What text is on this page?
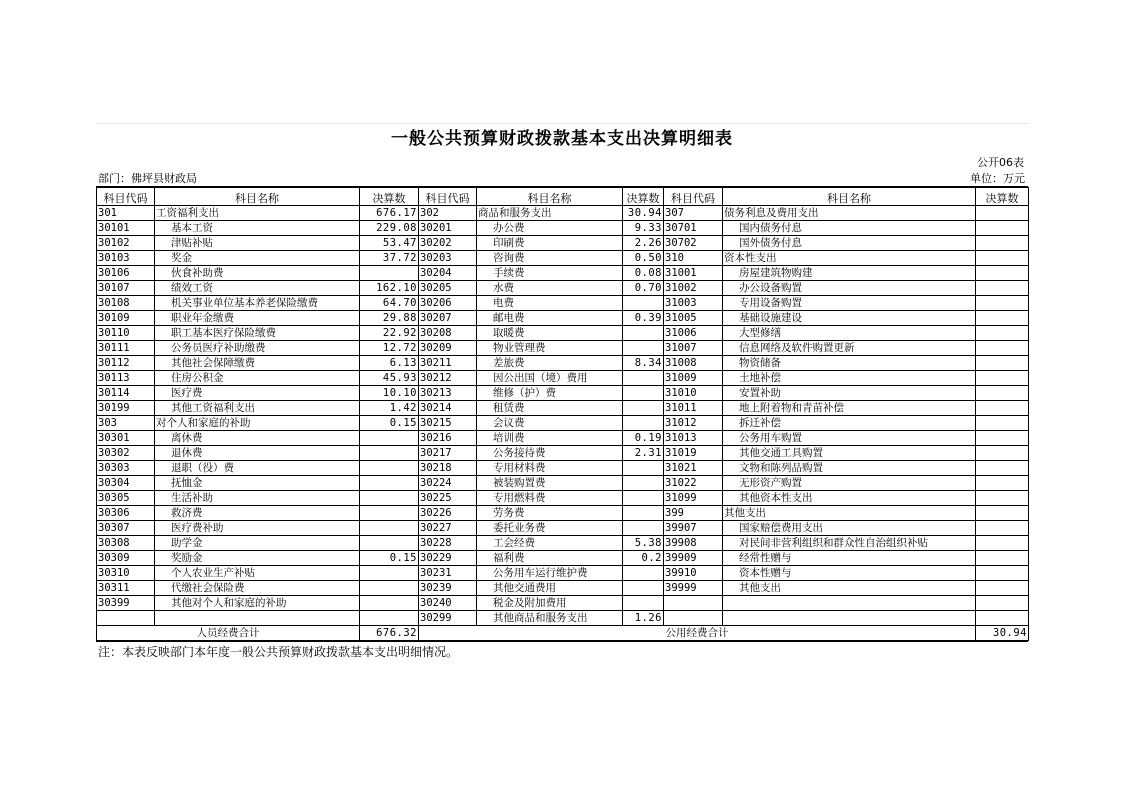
一般公共预算财政拨款基本支出决算明细表
公开06表
部门：佛坪县财政局	单位：万元
科目代码	科目名称	决算数	科目代码	科目名称	决算数	科目代码	科目名称	决算数
301	工资福利支出	676.17	302	商品和服务支出	30.94	307	债务利息及费用支出	
30101	基本工资	229.08	30201	办公费	9.33	30701	国内债务付息	
30102	津贴补贴	53.47	30202	印刷费	2.26	30702	国外债务付息	
30103	奖金	37.72	30203	咨询费	0.50	310	资本性支出	
30106	伙食补助费		30204	手续费	0.08	31001	房屋建筑物购建	
30107	绩效工资	162.10	30205	水费	0.70	31002	办公设备购置	
30108	机关事业单位基本养老保险缴费	64.70	30206	电费		31003	专用设备购置	
30109	职业年金缴费	29.88	30207	邮电费	0.39	31005	基础设施建设	
30110	职工基本医疗保险缴费	22.92	30208	取暖费		31006	大型修缮	
30111	公务员医疗补助缴费	12.72	30209	物业管理费		31007	信息网络及软件购置更新	
30112	其他社会保障缴费	6.13	30211	差旅费	8.34	31008	物资储备	
30113	住房公积金	45.93	30212	因公出国（境）费用		31009	土地补偿	
30114	医疗费	10.10	30213	维修（护）费		31010	安置补助	
30199	其他工资福利支出	1.42	30214	租赁费		31011	地上附着物和青苗补偿	
303	对个人和家庭的补助	0.15	30215	会议费		31012	拆迁补偿	
30301	离休费		30216	培训费	0.19	31013	公务用车购置	
30302	退休费		30217	公务接待费	2.31	31019	其他交通工具购置	
30303	退职（役）费		30218	专用材料费		31021	文物和陈列品购置	
30304	抚恤金		30224	被装购置费		31022	无形资产购置	
30305	生活补助		30225	专用燃料费		31099	其他资本性支出	
30306	救济费		30226	劳务费		399	其他支出	
30307	医疗费补助		30227	委托业务费		39907	国家赔偿费用支出	
30308	助学金		30228	工会经费	5.38	39908	对民间非营利组织和群众性自治组织补贴	
30309	奖励金	0.15	30229	福利费	0.2	39909	经常性赠与	
30310	个人农业生产补贴		30231	公务用车运行维护费		39910	资本性赠与	
30311	代缴社会保险费		30239	其他交通费用		39999	其他支出	
30399	其他对个人和家庭的补助		30240	税金及附加费用				
			30299	其他商品和服务支出	1.26			
人员经费合计		676.32	公用经费合计					30.94
注：本表反映部门本年度一般公共预算财政拨款基本支出明细情况。
